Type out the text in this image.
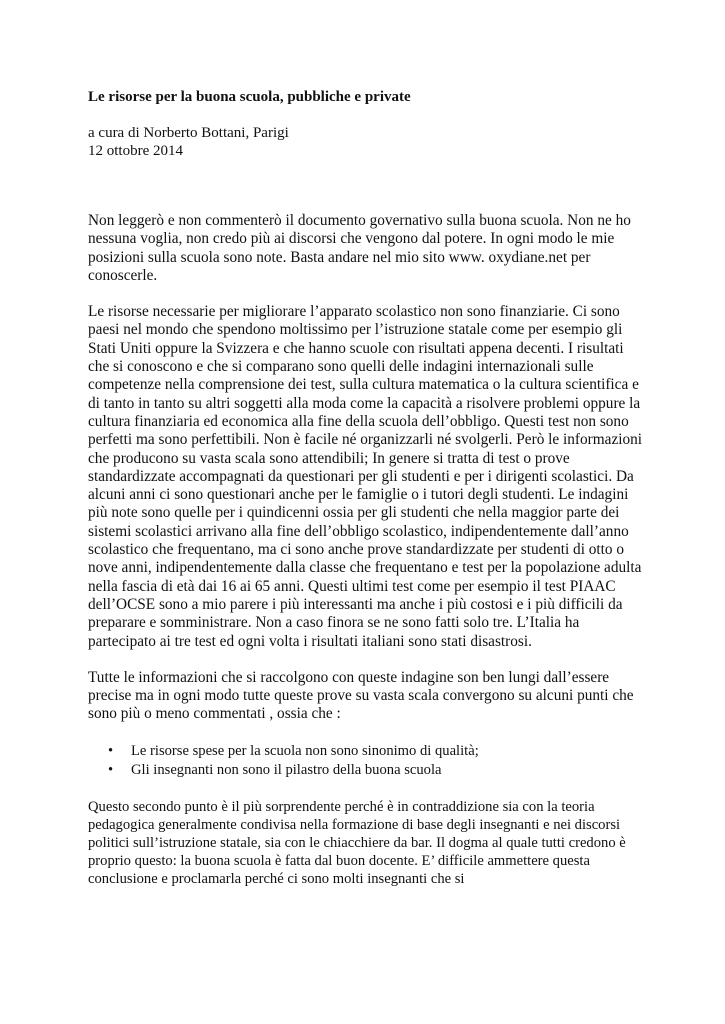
Le risorse per la buona scuola, pubbliche e private

a cura di Norberto Bottani, Parigi

12 ottobre 2014

Non leggerò e non commenterò il documento governativo sulla buona scuola. Non ne ho nessuna voglia, non credo più ai discorsi che vengono dal potere. In ogni modo le mie posizioni sulla scuola sono note. Basta andare nel mio sito www. oxydiane.net per conoscerle.

Le risorse necessarie per migliorare l’apparato scolastico non sono finanziarie. Ci sono paesi nel mondo che spendono moltissimo per l’istruzione statale come per esempio gli Stati Uniti oppure la Svizzera e che hanno scuole con risultati appena decenti. I risultati che si conoscono e che si comparano sono quelli delle indagini internazionali sulle competenze nella comprensione dei test, sulla cultura matematica o la cultura scientifica e di tanto in tanto su altri soggetti alla moda come la capacità a risolvere problemi oppure la cultura finanziaria ed economica alla fine della scuola dell’obbligo. Questi test non sono perfetti ma sono perfettibili. Non è facile né organizzarli né svolgerli. Però le informazioni che producono su vasta scala sono attendibili; In genere si tratta di test o prove standardizzate accompagnati da questionari per gli studenti e per i dirigenti scolastici. Da alcuni anni ci sono questionari anche per le famiglie o i tutori degli studenti. Le indagini più note sono quelle per i quindicenni ossia per gli studenti che nella maggior parte dei sistemi scolastici arrivano alla fine dell’obbligo scolastico, indipendentemente dall’anno scolastico che frequentano, ma ci sono anche prove standardizzate per studenti di otto o nove anni, indipendentemente dalla classe che frequentano e test per la popolazione adulta nella fascia di età dai 16 ai 65 anni. Questi ultimi test come per esempio il test PIAAC dell’OCSE sono a mio parere i più interessanti ma anche i più costosi e i più difficili da preparare e somministrare. Non a caso finora se ne sono fatti solo tre. L’Italia ha partecipato ai tre test ed ogni volta i risultati italiani sono stati disastrosi.

Tutte le informazioni che si raccolgono con queste indagine son ben lungi dall’essere precise ma in ogni modo tutte queste prove su vasta scala convergono su alcuni punti che sono più o meno commentati , ossia che :

• Le risorse spese per la scuola non sono sinonimo di qualità;
• Gli insegnanti non sono il pilastro della buona scuola

Questo secondo punto è il più sorprendente perché è in contraddizione sia con la teoria pedagogica generalmente condivisa nella formazione di base degli insegnanti e nei discorsi politici sull’istruzione statale, sia con le chiacchiere da bar. Il dogma al quale tutti credono è proprio questo: la buona scuola è fatta dal buon docente. E’ difficile ammettere questa conclusione e proclamarla perché ci sono molti insegnanti che si
